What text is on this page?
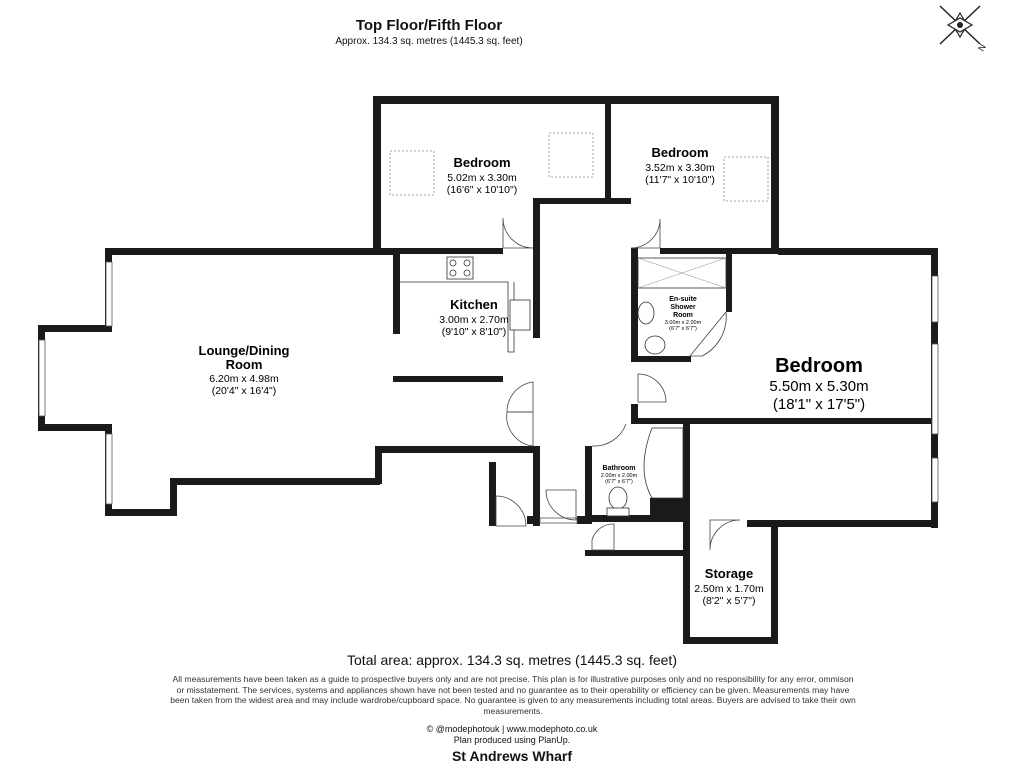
Top Floor/Fifth Floor
Approx. 134.3 sq. metres (1445.3 sq. feet)
N
Bedroom
5.02m x 3.30m
(16'6" x 10'10")
Bedroom
3.52m x 3.30m
(11'7" x 10'10")
Kitchen
3.00m x 2.70m
(9'10" x 8'10")
Lounge/Dining
Room
6.20m x 4.98m
(20'4" x 16'4")
En-suite
Shower
Room
3.00m x 2.00m
(6'7" x 6'7")
Bedroom
5.50m x 5.30m
(18'1" x 17'5")
Bathroom
2.00m x 2.00m
(6'7" x 6'7")
Storage
2.50m x 1.70m
(8'2" x 5'7")
Total area: approx. 134.3 sq. metres (1445.3 sq. feet)
All measurements have been taken as a guide to prospective buyers only and are not precise. This plan is for illustrative purposes only and no responsibility for any error, ommison or misstatement. The services, systems and appliances shown have not been tested and no guarantee as to their operability or efficiency can be given. Measurements may have been taken from the widest area and may include wardrobe/cupboard space. No guarantee is given to any measurements including total areas. Buyers are advised to take their own measurements.
© @modephotouk | www.modephoto.co.uk
Plan produced using PlanUp.
St Andrews Wharf
